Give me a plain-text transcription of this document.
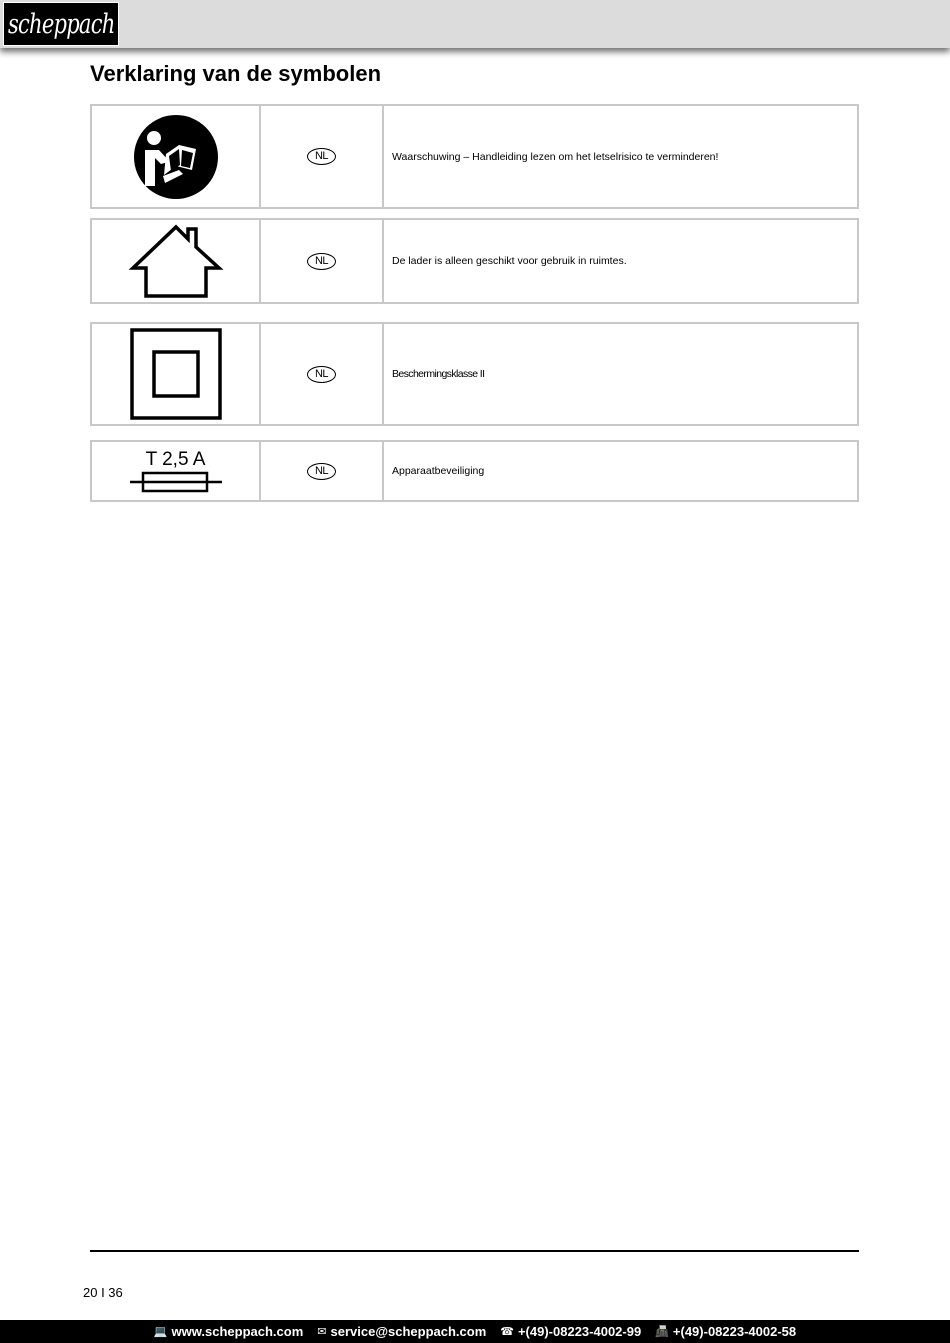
scheppach
Verklaring van de symbolen
NL	Waarschuwing – Handleiding lezen om het letselrisico te verminderen!
NL	De lader is alleen geschikt voor gebruik in ruimtes.
NL	Beschermingsklasse II
T 2,5 A
NL	Apparaatbeveiliging
20 I 36
💻 www.scheppach.com ✉ service@scheppach.com ☎ +(49)-08223-4002-99 📠 +(49)-08223-4002-58
